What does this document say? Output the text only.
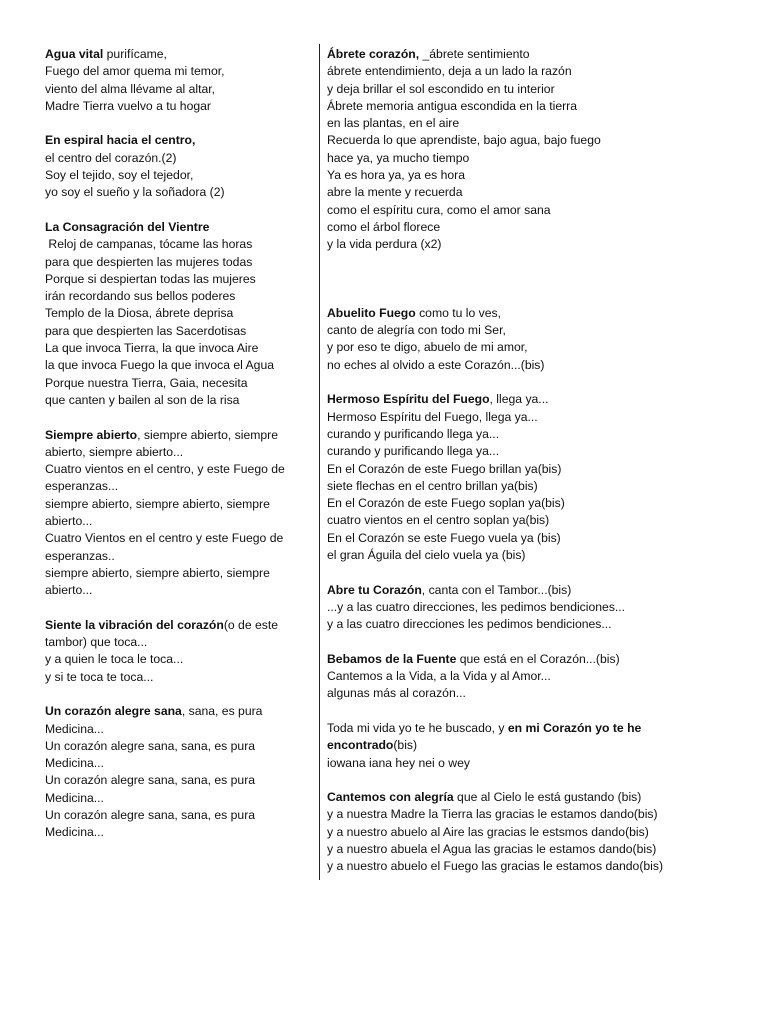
Agua vital purifícame,
Fuego del amor quema mi temor,
viento del alma llévame al altar,
Madre Tierra vuelvo a tu hogar
En espiral hacia el centro,
el centro del corazón.(2)
Soy el tejido, soy el tejedor,
yo soy el sueño y la soñadora (2)
La Consagración del Vientre
Reloj de campanas, tócame las horas
para que despierten las mujeres todas
Porque si despiertan todas las mujeres
irán recordando sus bellos poderes
Templo de la Diosa, ábrete deprisa
para que despierten las Sacerdotisas
La que invoca Tierra, la que invoca Aire
la que invoca Fuego la que invoca el Agua
Porque nuestra Tierra, Gaia, necesita
que canten y bailen al son de la risa
Siempre abierto, siempre abierto, siempre
abierto, siempre abierto...
Cuatro vientos en el centro, y este Fuego de
esperanzas...
siempre abierto, siempre abierto, siempre
abierto...
Cuatro Vientos en el centro y este Fuego de
esperanzas..
siempre abierto, siempre abierto, siempre
abierto...
Siente la vibración del corazón(o de este
tambor) que toca...
y a quien le toca le toca...
y si te toca te toca...
Un corazón alegre sana, sana, es pura
Medicina...
Un corazón alegre sana, sana, es pura
Medicina...
Un corazón alegre sana, sana, es pura
Medicina...
Un corazón alegre sana, sana, es pura
Medicina...
Ábrete corazón, _ábrete sentimiento
ábrete entendimiento, deja a un lado la razón
y deja brillar el sol escondido en tu interior
Ábrete memoria antigua escondida en la tierra
en las plantas, en el aire
Recuerda lo que aprendiste, bajo agua, bajo fuego
hace ya, ya mucho tiempo
Ya es hora ya, ya es hora
abre la mente y recuerda
como el espíritu cura, como el amor sana
como el árbol florece
y la vida perdura (x2)
Abuelito Fuego como tu lo ves,
canto de alegría con todo mi Ser,
y por eso te digo, abuelo de mi amor,
no eches al olvido a este Corazón...(bis)
Hermoso Espíritu del Fuego, llega ya...
Hermoso Espíritu del Fuego, llega ya...
curando y purificando llega ya...
curando y purificando llega ya...
En el Corazón de este Fuego brillan ya(bis)
siete flechas en el centro brillan ya(bis)
En el Corazón de este Fuego soplan ya(bis)
cuatro vientos en el centro soplan ya(bis)
En el Corazón se este Fuego vuela ya (bis)
el gran Águila del cielo vuela ya (bis)
Abre tu Corazón, canta con el Tambor...(bis)
...y a las cuatro direcciones, les pedimos bendiciones...
y a las cuatro direcciones les pedimos bendiciones...
Bebamos de la Fuente que está en el Corazón...(bis)
Cantemos a la Vida, a la Vida y al Amor...
algunas más al corazón...
Toda mi vida yo te he buscado, y en mi Corazón yo te he
encontrado(bis)
iowana iana hey nei o wey
Cantemos con alegría que al Cielo le está gustando (bis)
y a nuestra Madre la Tierra las gracias le estamos dando(bis)
y a nuestro abuelo al Aire las gracias le estsmos dando(bis)
y a nuestro abuela el Agua las gracias le estamos dando(bis)
y a nuestro abuelo el Fuego las gracias le estamos dando(bis)
